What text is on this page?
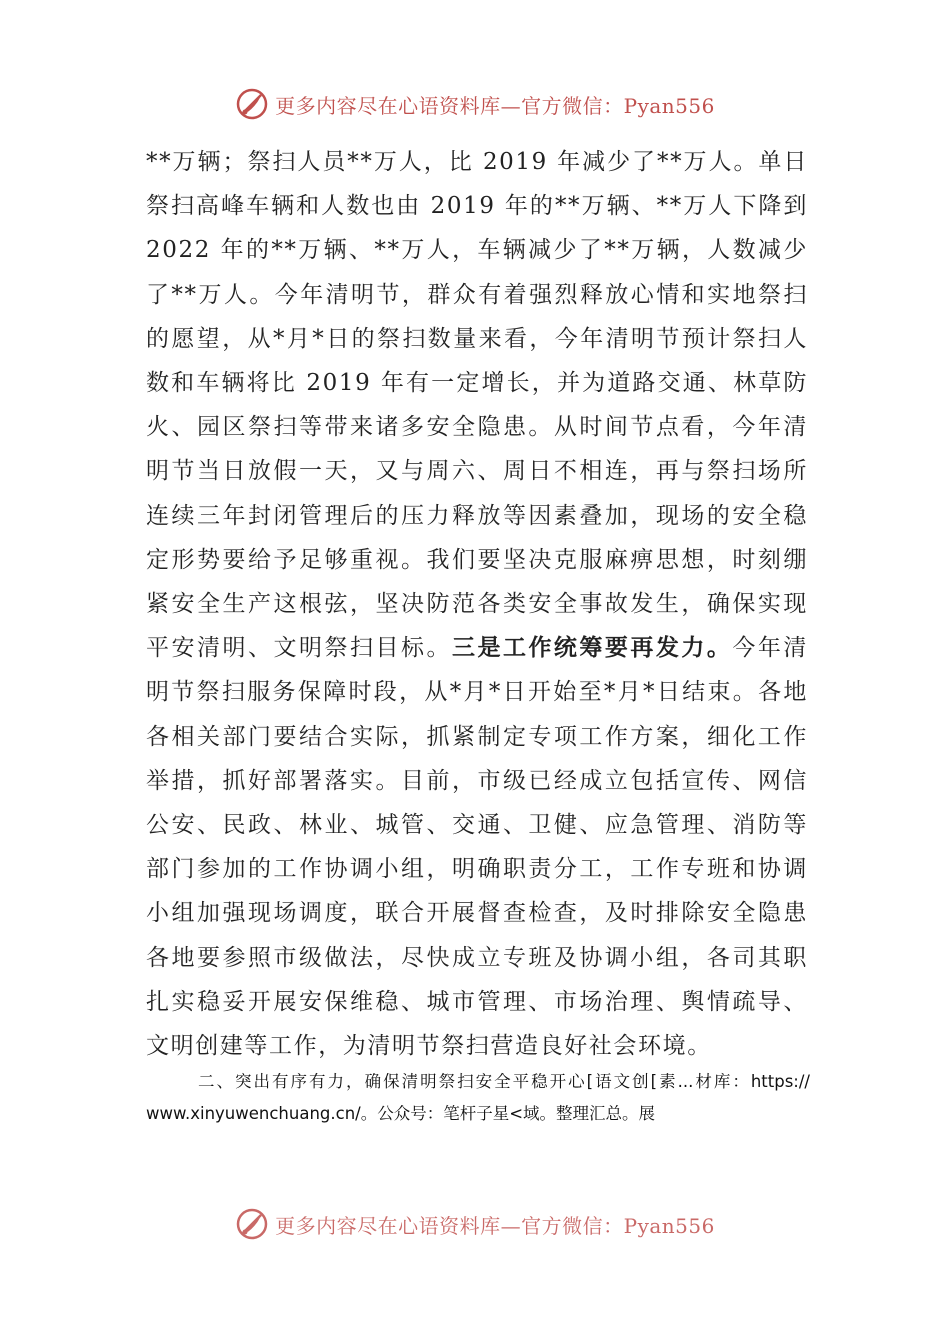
更多内容尽在心语资料库—官方微信：Pyan556
**万辆；祭扫人员**万人，比 2019 年减少了**万人。单日
祭扫高峰车辆和人数也由 2019 年的**万辆、**万人下降到
2022 年的**万辆、**万人，车辆减少了**万辆，人数减少
了**万人。今年清明节，群众有着强烈释放心情和实地祭扫
的愿望，从*月*日的祭扫数量来看，今年清明节预计祭扫人
数和车辆将比 2019 年有一定增长，并为道路交通、林草防
火、园区祭扫等带来诸多安全隐患。从时间节点看，今年清
明节当日放假一天，又与周六、周日不相连，再与祭扫场所
连续三年封闭管理后的压力释放等因素叠加，现场的安全稳
定形势要给予足够重视。我们要坚决克服麻痹思想，时刻绷
紧安全生产这根弦，坚决防范各类安全事故发生，确保实现
平安清明、文明祭扫目标。三是工作统筹要再发力。今年清
明节祭扫服务保障时段，从*月*日开始至*月*日结束。各地
各相关部门要结合实际，抓紧制定专项工作方案，细化工作
举措，抓好部署落实。目前，市级已经成立包括宣传、网信
公安、民政、林业、城管、交通、卫健、应急管理、消防等
部门参加的工作协调小组，明确职责分工，工作专班和协调
小组加强现场调度，联合开展督查检查，及时排除安全隐患
各地要参照市级做法，尽快成立专班及协调小组，各司其职
扎实稳妥开展安保维稳、城市管理、市场治理、舆情疏导、
文明创建等工作，为清明节祭扫营造良好社会环境。
二、突出有序有力，确保清明祭扫安全平稳开心[语文创[素...材库：https://
www.xinyuwenchuang.cn/。公众号：笔杆子星<域。整理汇总。展
更多内容尽在心语资料库—官方微信：Pyan556
